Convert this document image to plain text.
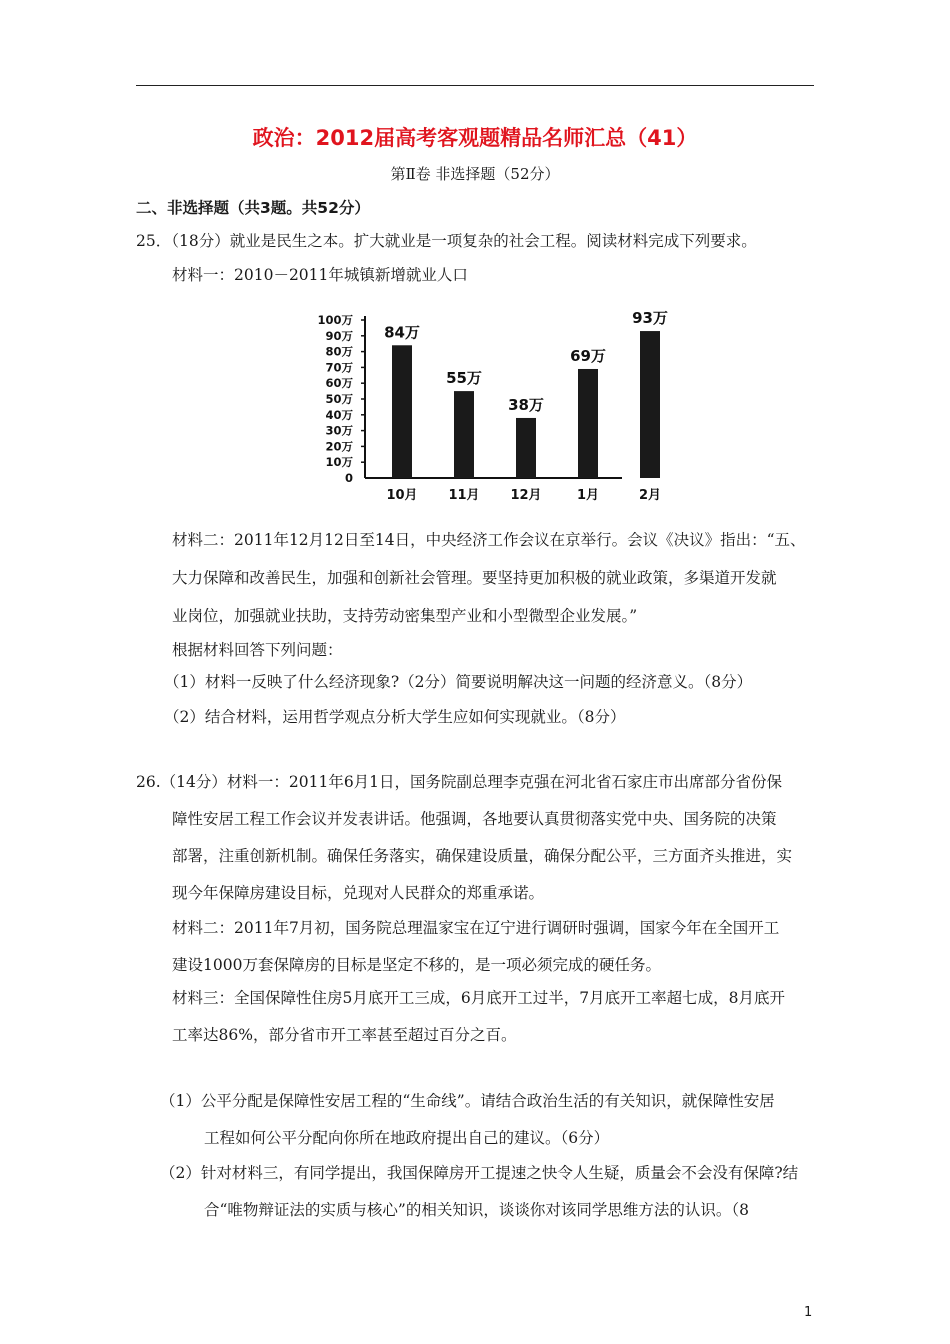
政治：2012届高考客观题精品名师汇总（41）
第Ⅱ卷 非选择题（52分）
二、非选择题（共3题。共52分）
25．（18分）就业是民生之本。扩大就业是一项复杂的社会工程。阅读材料完成下列要求。
材料一：2010－2011年城镇新增就业人口
0
10万
20万
30万
40万
50万
60万
70万
80万
90万
100万
84万
55万
38万
69万
93万
10月 11月 12月	1月	2月
材料二：2011年12月12日至14日，中央经济工作会议在京举行。会议《决议》指出：“五、
大力保障和改善民生，加强和创新社会管理。要坚持更加积极的就业政策，多渠道开发就
业岗位，加强就业扶助，支持劳动密集型产业和小型微型企业发展。”
根据材料回答下列问题：
（1）材料一反映了什么经济现象?（2分）简要说明解决这一问题的经济意义。（8分）
（2）结合材料，运用哲学观点分析大学生应如何实现就业。（8分）
26.（14分）材料一：2011年6月1日，国务院副总理李克强在河北省石家庄市出席部分省份保
障性安居工程工作会议并发表讲话。他强调，各地要认真贯彻落实党中央、国务院的决策
部署，注重创新机制。确保任务落实，确保建设质量，确保分配公平，三方面齐头推进，实
现今年保障房建设目标，兑现对人民群众的郑重承诺。
材料二：2011年7月初，国务院总理温家宝在辽宁进行调研时强调，国家今年在全国开工
建设1000万套保障房的目标是坚定不移的，是一项必须完成的硬任务。
材料三：全国保障性住房5月底开工三成，6月底开工过半，7月底开工率超七成，8月底开
工率达86%，部分省市开工率甚至超过百分之百。
（1）公平分配是保障性安居工程的“生命线”。请结合政治生活的有关知识，就保障性安居
工程如何公平分配向你所在地政府提出自己的建议。（6分）
（2）针对材料三，有同学提出，我国保障房开工提速之快令人生疑，质量会不会没有保障?结
合“唯物辩证法的实质与核心”的相关知识，谈谈你对该同学思维方法的认识。（8
1
